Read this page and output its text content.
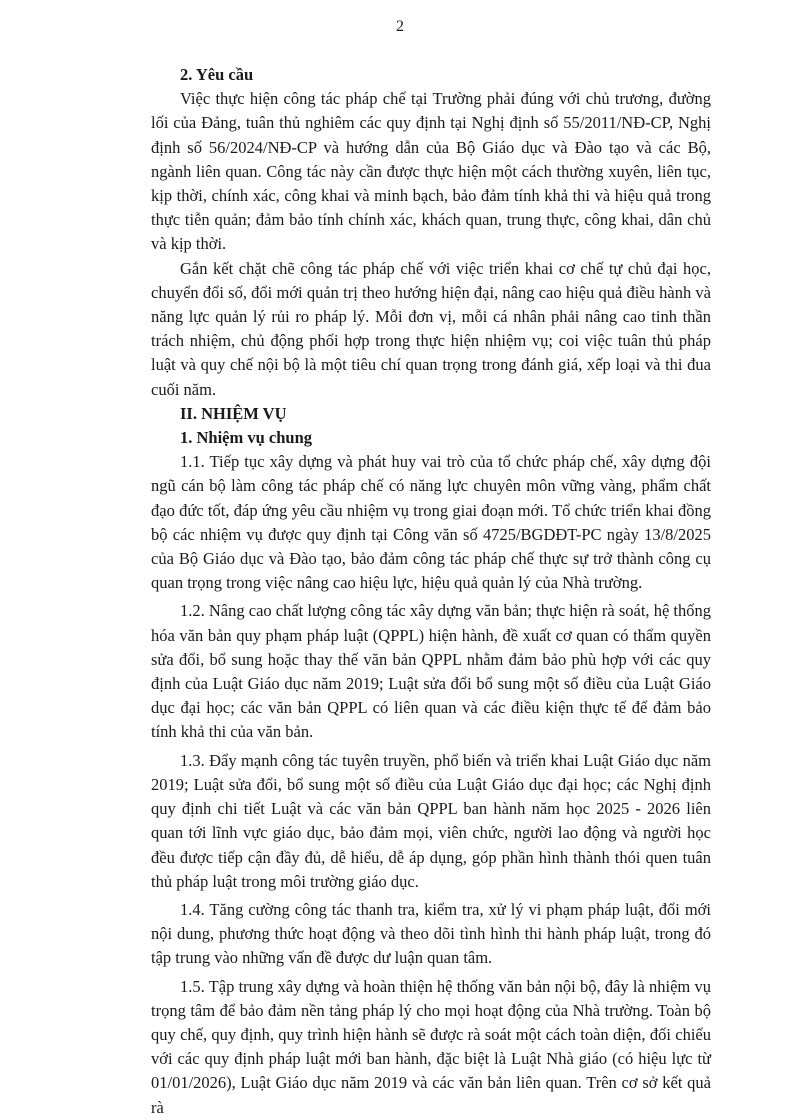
2
2. Yêu cầu

Việc thực hiện công tác pháp chế tại Trường phải đúng với chủ trương, đường lối của Đảng, tuân thủ nghiêm các quy định tại Nghị định số 55/2011/NĐ-CP, Nghị định số 56/2024/NĐ-CP và hướng dẫn của Bộ Giáo dục và Đào tạo và các Bộ, ngành liên quan. Công tác này cần được thực hiện một cách thường xuyên, liên tục, kịp thời, chính xác, công khai và minh bạch, bảo đảm tính khả thi và hiệu quả trong thực tiễn quản; đảm bảo tính chính xác, khách quan, trung thực, công khai, dân chủ và kịp thời.

Gắn kết chặt chẽ công tác pháp chế với việc triển khai cơ chế tự chủ đại học, chuyển đổi số, đổi mới quản trị theo hướng hiện đại, nâng cao hiệu quả điều hành và năng lực quản lý rủi ro pháp lý. Mỗi đơn vị, mỗi cá nhân phải nâng cao tinh thần trách nhiệm, chủ động phối hợp trong thực hiện nhiệm vụ; coi việc tuân thủ pháp luật và quy chế nội bộ là một tiêu chí quan trọng trong đánh giá, xếp loại và thi đua cuối năm.

II. NHIỆM VỤ
1. Nhiệm vụ chung

1.1. Tiếp tục xây dựng và phát huy vai trò của tổ chức pháp chế, xây dựng đội ngũ cán bộ làm công tác pháp chế có năng lực chuyên môn vững vàng, phẩm chất đạo đức tốt, đáp ứng yêu cầu nhiệm vụ trong giai đoạn mới. Tổ chức triển khai đồng bộ các nhiệm vụ được quy định tại Công văn số 4725/BGDĐT-PC ngày 13/8/2025 của Bộ Giáo dục và Đào tạo, bảo đảm công tác pháp chế thực sự trở thành công cụ quan trọng trong việc nâng cao hiệu lực, hiệu quả quản lý của Nhà trường.

1.2. Nâng cao chất lượng công tác xây dựng văn bản; thực hiện rà soát, hệ thống hóa văn bản quy phạm pháp luật (QPPL) hiện hành, đề xuất cơ quan có thẩm quyền sửa đổi, bổ sung hoặc thay thế văn bản QPPL nhằm đảm bảo phù hợp với các quy định của Luật Giáo dục năm 2019; Luật sửa đổi bổ sung một số điều của Luật Giáo dục đại học; các văn bản QPPL có liên quan và các điều kiện thực tế để đảm bảo tính khả thi của văn bản.

1.3. Đẩy mạnh công tác tuyên truyền, phổ biến và triển khai Luật Giáo dục năm 2019; Luật sửa đổi, bổ sung một số điều của Luật Giáo dục đại học; các Nghị định quy định chi tiết Luật và các văn bản QPPL ban hành năm học 2025 - 2026 liên quan tới lĩnh vực giáo dục, bảo đảm mọi, viên chức, người lao động và người học đều được tiếp cận đầy đủ, dễ hiểu, dễ áp dụng, góp phần hình thành thói quen tuân thủ pháp luật trong môi trường giáo dục.

1.4. Tăng cường công tác thanh tra, kiểm tra, xử lý vi phạm pháp luật, đổi mới nội dung, phương thức hoạt động và theo dõi tình hình thi hành pháp luật, trong đó tập trung vào những vấn đề được dư luận quan tâm.

1.5. Tập trung xây dựng và hoàn thiện hệ thống văn bản nội bộ, đây là nhiệm vụ trọng tâm để bảo đảm nền tảng pháp lý cho mọi hoạt động của Nhà trường. Toàn bộ quy chế, quy định, quy trình hiện hành sẽ được rà soát một cách toàn diện, đối chiếu với các quy định pháp luật mới ban hành, đặc biệt là Luật Nhà giáo (có hiệu lực từ 01/01/2026), Luật Giáo dục năm 2019 và các văn bản liên quan. Trên cơ sở kết quả rà
